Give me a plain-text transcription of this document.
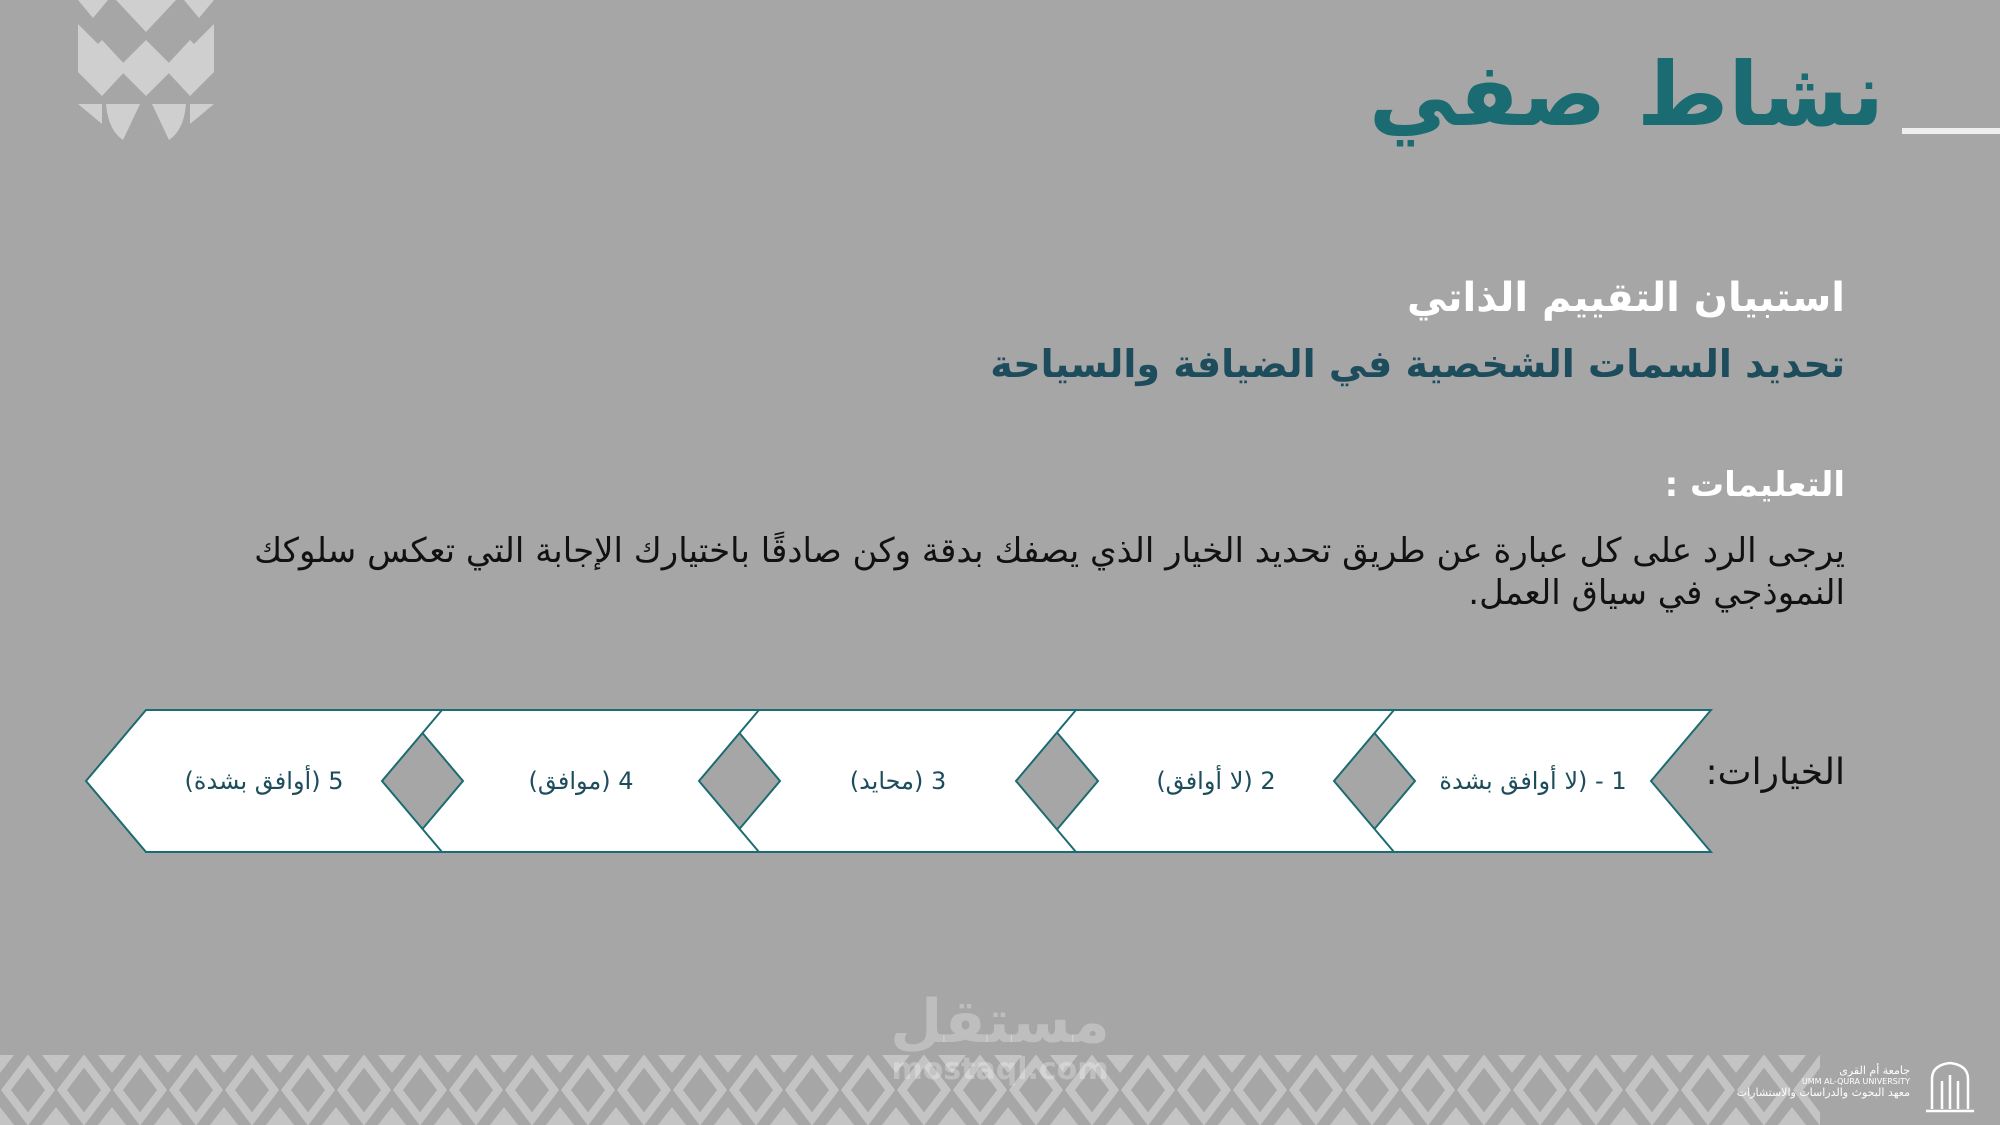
نشاط صفي
استبيان التقييم الذاتي
تحديد السمات الشخصية في الضيافة والسياحة
التعليمات :

يرجى الرد على كل عبارة عن طريق تحديد الخيار الذي يصفك بدقة وكن صادقًا باختيارك الإجابة التي تعكس سلوكك النموذجي في سياق العمل.

الخيارات:
1 - (لا أوافق بشدة
2 (لا أوافق)
3 (محايد)
4 (موافق)
5 (أوافق بشدة)
مستقل
mostaql.com	جامعة أم القرى
UMM AL-QURA UNIVERSITY
معهد البحوث والدراسات والاستشارات
